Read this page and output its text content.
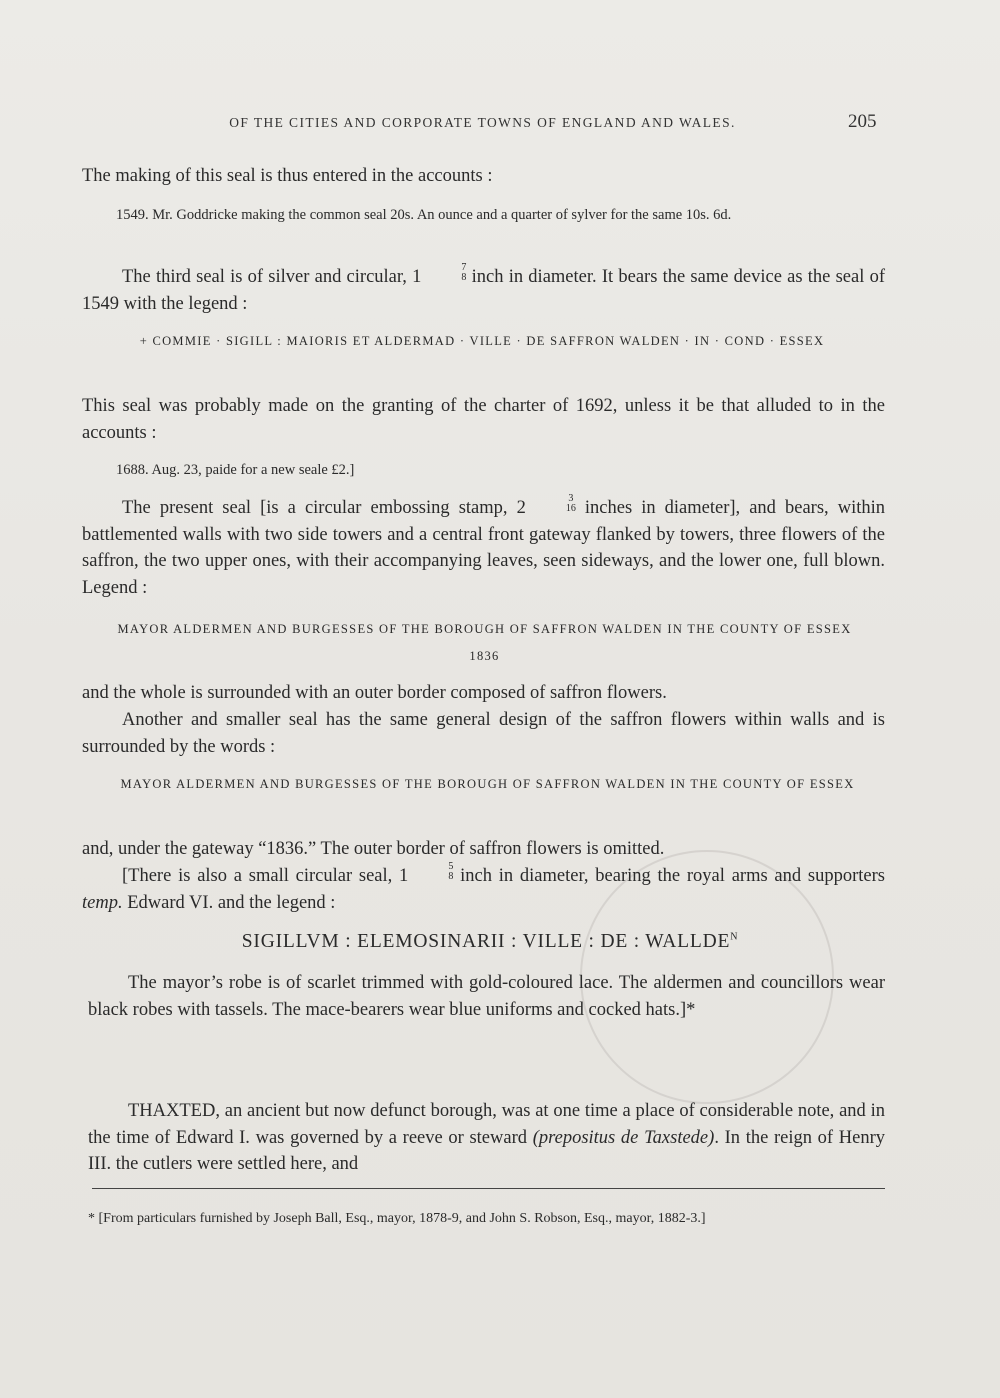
OF THE CITIES AND CORPORATE TOWNS OF ENGLAND AND WALES.	205

The making of this seal is thus entered in the accounts :

1549. Mr. Goddricke making the common seal 20s. An ounce and a quarter of sylver for the same 10s. 6d.

The third seal is of silver and circular, 1	7
8 inch in diameter. It bears the same device as the seal of 1549 with the legend :

+ COMMIE · SIGILL : MAIORIS ET ALDERMAD · VILLE · DE SAFFRON WALDEN · IN · COND · ESSEX

This seal was probably made on the granting of the charter of 1692, unless it be that alluded to in the accounts :

1688. Aug. 23, paide for a new seale £2.]

The present seal [is a circular embossing stamp, 2	3
16 inches in diameter], and bears, within battlemented walls with two side towers and a central front gateway flanked by towers, three flowers of the saffron, the two upper ones, with their accompanying leaves, seen sideways, and the lower one, full blown. Legend :

MAYOR ALDERMEN AND BURGESSES OF THE BOROUGH OF SAFFRON WALDEN IN THE COUNTY OF ESSEX 1836

and the whole is surrounded with an outer border composed of saffron flowers.

Another and smaller seal has the same general design of the saffron flowers within walls and is surrounded by the words :

MAYOR ALDERMEN AND BURGESSES OF THE BOROUGH OF SAFFRON WALDEN IN THE COUNTY OF ESSEX

and, under the gateway “1836.” The outer border of saffron flowers is omitted.

[There is also a small circular seal, 1	5
8 inch in diameter, bearing the royal arms and supporters temp. Edward VI. and the legend :

SIGILLVM : ELEMOSINARII : VILLE : DE : $WALLDE^N$

The mayor’s robe is of scarlet trimmed with gold-coloured lace. The aldermen and councillors wear black robes with tassels. The mace-bearers wear blue uniforms and cocked hats.]*

THAXTED, an ancient but now defunct borough, was at one time a place of considerable note, and in the time of Edward I. was governed by a reeve or steward (prepositus de Taxstede). In the reign of Henry III. the cutlers were settled here, and

* [From particulars furnished by Joseph Ball, Esq., mayor, 1878-9, and John S. Robson, Esq., mayor, 1882-3.]
